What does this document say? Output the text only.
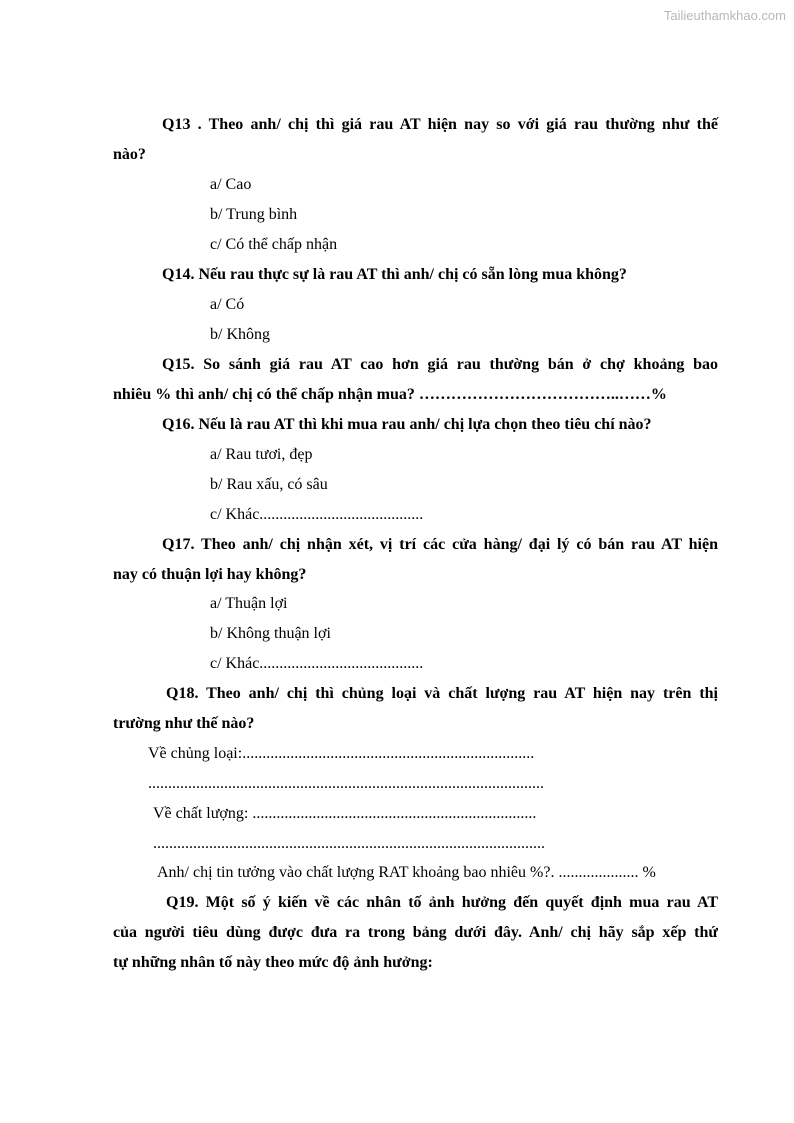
Tailieuthamkhao.com
Q13 . Theo anh/ chị thì giá rau AT hiện nay so với giá rau thường như thế
nào?
a/ Cao
b/ Trung bình
c/ Có thể chấp nhận
Q14. Nếu rau thực sự là rau AT thì anh/ chị có sẵn lòng mua không?
a/ Có
b/ Không
Q15. So sánh giá rau AT cao hơn giá rau thường bán ở chợ khoảng bao
nhiêu % thì anh/ chị có thể chấp nhận mua? ………………………………..……%
Q16. Nếu là rau AT thì khi mua rau anh/ chị lựa chọn theo tiêu chí nào?
a/ Rau tươi, đẹp
b/ Rau xấu, có sâu
c/ Khác.........................................
Q17. Theo anh/ chị nhận xét, vị trí các cửa hàng/ đại lý có bán rau AT hiện
nay có thuận lợi hay không?
a/ Thuận lợi
b/ Không thuận lợi
c/ Khác.........................................
Q18. Theo anh/ chị thì chủng loại và chất lượng rau AT hiện nay trên thị
trường như thế nào?
Về chủng loại:.........................................................................
...................................................................................................
Về chất lượng: .......................................................................
..................................................................................................
Anh/ chị tin tưởng vào chất lượng RAT khoảng bao nhiêu %?. .................... %
Q19. Một số ý kiến về các nhân tố ảnh hưởng đến quyết định mua rau AT
của người tiêu dùng được đưa ra trong bảng dưới đây. Anh/ chị hãy sắp xếp thứ
tự những nhân tố này theo mức độ ảnh hưởng:
